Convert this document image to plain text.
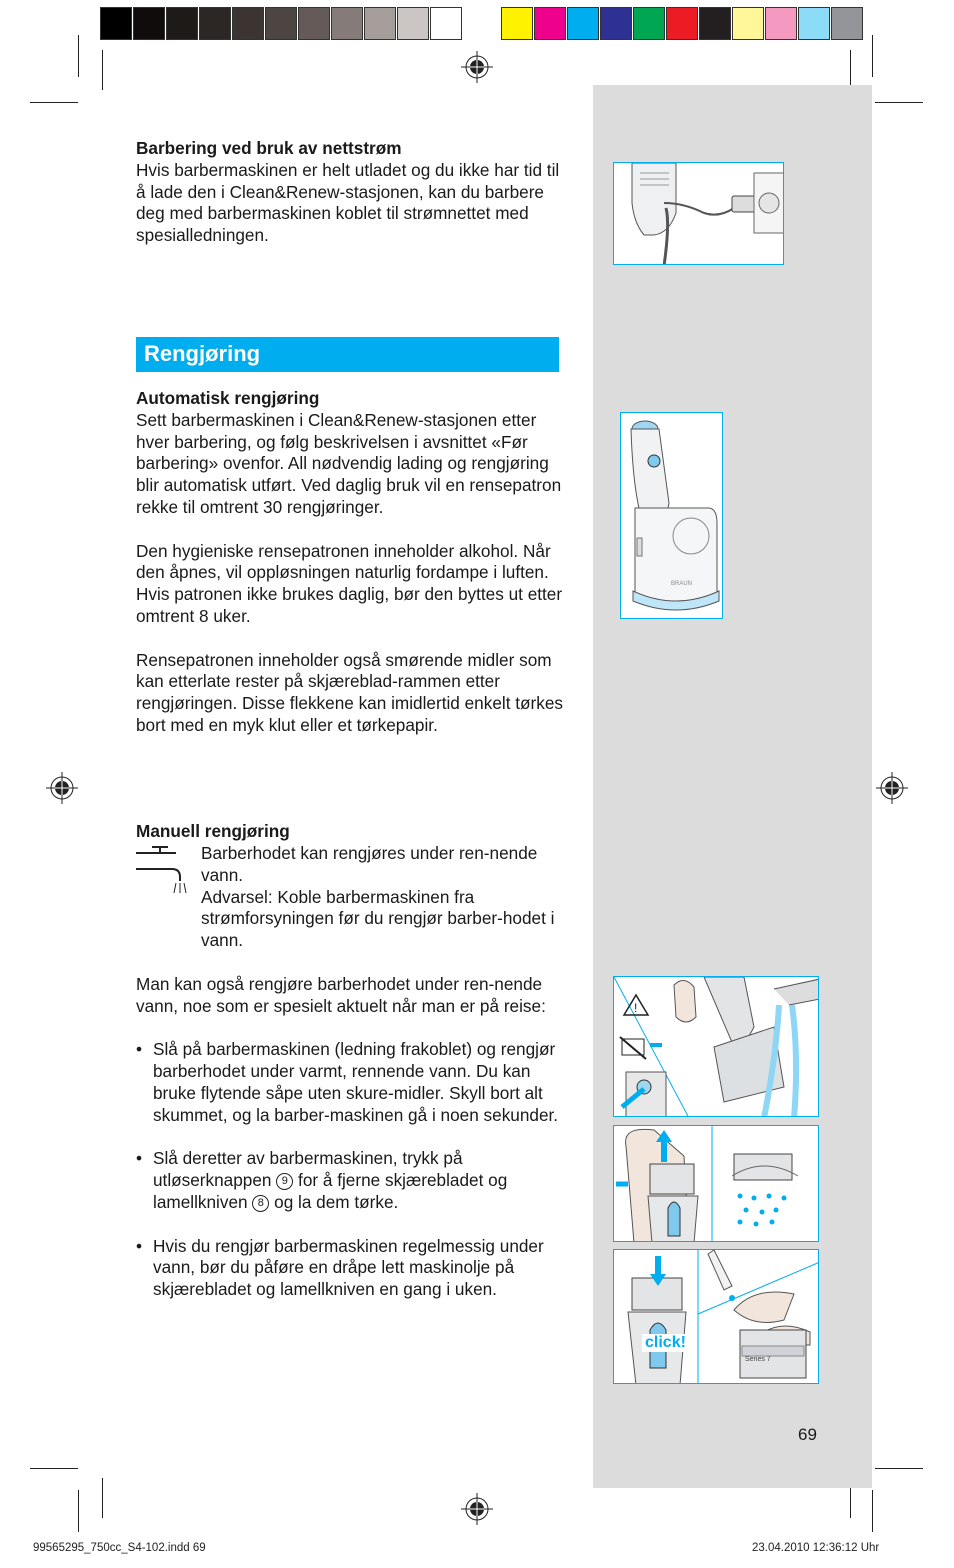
Barbering ved bruk av nettstrøm

Hvis barbermaskinen er helt utladet og du ikke har tid til å lade den i Clean&Renew-stasjonen, kan du barbere deg med barbermaskinen koblet til strømnettet med spesialledningen.

Rengjøring

Automatisk rengjøring

Sett barbermaskinen i Clean&Renew-stasjonen etter hver barbering, og følg beskrivelsen i avsnittet «Før barbering» ovenfor. All nødvendig lading og rengjøring blir automatisk utført. Ved daglig bruk vil en rensepatron rekke til omtrent 30 rengjøringer.

Den hygieniske rensepatronen inneholder alkohol. Når den åpnes, vil oppløsningen naturlig fordampe i luften. Hvis patronen ikke brukes daglig, bør den byttes ut etter omtrent 8 uker.

Rensepatronen inneholder også smørende midler som kan etterlate rester på skjæreblad-rammen etter rengjøringen. Disse flekkene kan imidlertid enkelt tørkes bort med en myk klut eller et tørkepapir.

BRAUN

Manuell rengjøring

Barberhodet kan rengjøres under ren-nende vann.
Advarsel: Koble barbermaskinen fra strømforsyningen før du rengjør barber-hodet i vann.

Man kan også rengjøre barberhodet under ren-nende vann, noe som er spesielt aktuelt når man er på reise:

• Slå på barbermaskinen (ledning frakoblet) og rengjør barberhodet under varmt, rennende vann. Du kan bruke flytende såpe uten skure-midler. Skyll bort alt skummet, og la barber-maskinen gå i noen sekunder.
• Slå deretter av barbermaskinen, trykk på utløserknappen 9 for å fjerne skjærebladet og lamellkniven 8 og la dem tørke.
• Hvis du rengjør barbermaskinen regelmessig under vann, bør du påføre en dråpe lett maskinolje på skjærebladet og lamellkniven en gang i uken.
!
click!
Series 7
69
99565295_750cc_S4-102.indd 69	23.04.2010 12:36:12 Uhr
